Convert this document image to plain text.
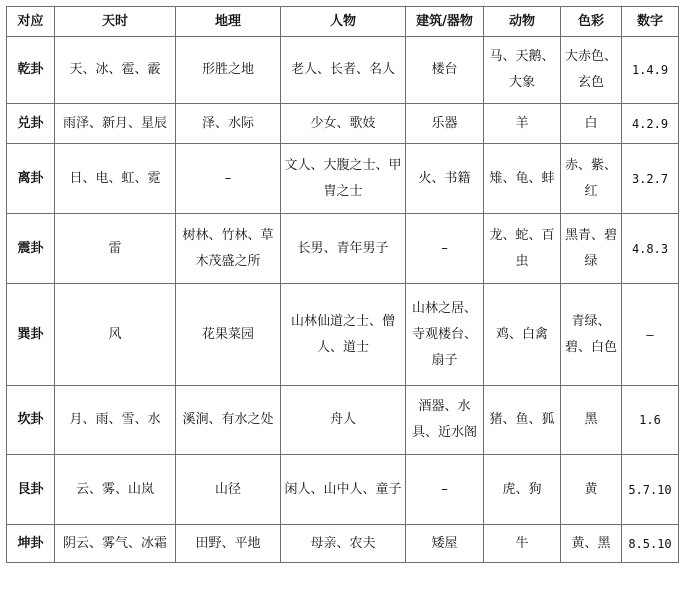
对应	天时	地理	人物	建筑/器物	动物	色彩	数字
乾卦	天、冰、雹、霰	形胜之地	老人、长者、名人	楼台	马、天鹅、大象	大赤色、玄色	1.4.9
兑卦	雨泽、新月、星辰	泽、水际	少女、歌妓	乐器	羊	白	4.2.9
离卦	日、电、虹、霓	–	文人、大腹之士、甲胄之士	火、书籍	雉、龟、蚌	赤、紫、红	3.2.7
震卦	雷	树林、竹林、草木茂盛之所	长男、青年男子	–	龙、蛇、百虫	黑青、碧绿	4.8.3
巽卦	风	花果菜园	山林仙道之士、僧人、道士	山林之居、寺观楼台、扇子	鸡、白禽	青绿、碧、白色	–
坎卦	月、雨、雪、水	溪涧、有水之处	舟人	酒器、水具、近水阁	猪、鱼、狐	黑	1.6
艮卦	云、雾、山岚	山径	闲人、山中人、童子	–	虎、狗	黄	5.7.10
坤卦	阴云、雾气、冰霜	田野、平地	母亲、农夫	矮屋	牛	黄、黑	8.5.10
